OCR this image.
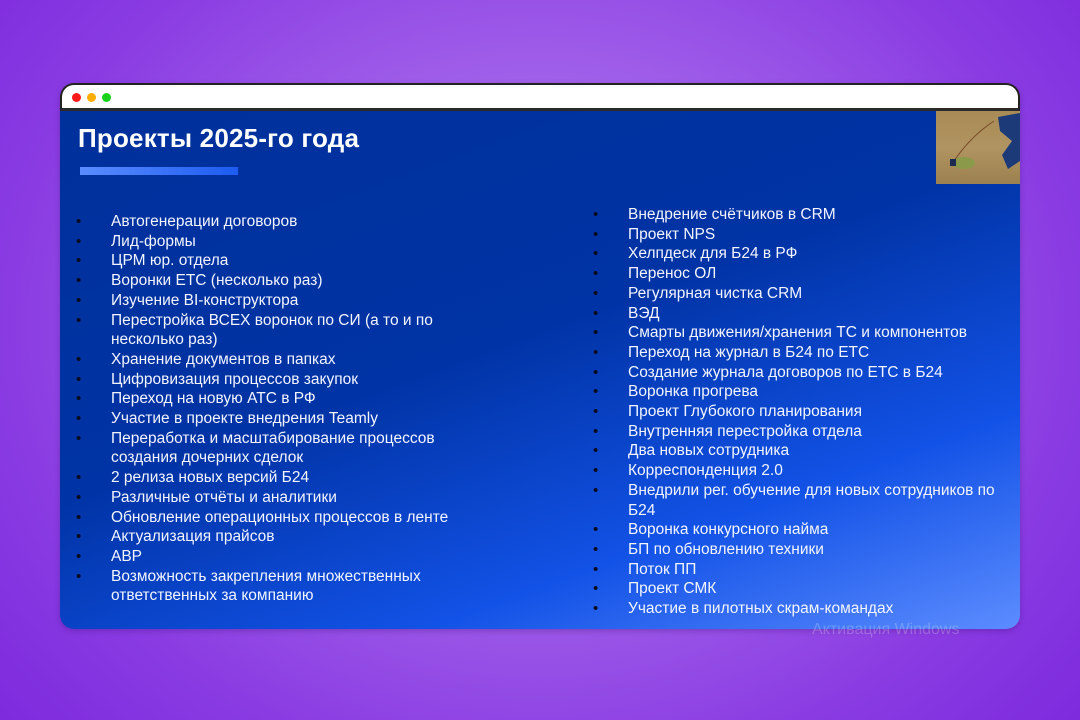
Проекты 2025-го года
• Автогенерации договоров
• Лид-формы
• ЦРМ юр. отдела
• Воронки ЕТС (несколько раз)
• Изучение BI-конструктора
• Перестройка ВСЕХ воронок по СИ (а то и по несколько раз)
• Хранение документов в папках
• Цифровизация процессов закупок
• Переход на новую АТС в РФ
• Участие в проекте внедрения Teamly
• Переработка и масштабирование процессов создания дочерних сделок
• 2 релиза новых версий Б24
• Различные отчёты и аналитики
• Обновление операционных процессов в ленте
• Актуализация прайсов
• АВР
• Возможность закрепления множественных ответственных за компанию
• Внедрение счётчиков в CRM
• Проект NPS
• Хелпдеск для Б24 в РФ
• Перенос ОЛ
• Регулярная чистка CRM
• ВЭД
• Смарты движения/хранения ТС и компонентов
• Переход на журнал в Б24 по ЕТС
• Создание журнала договоров по ЕТС в Б24
• Воронка прогрева
• Проект Глубокого планирования
• Внутренняя перестройка отдела
• Два новых сотрудника
• Корреспонденция 2.0
• Внедрили рег. обучение для новых сотрудников по Б24
• Воронка конкурсного найма
• БП по обновлению техники
• Поток ПП
• Проект СМК
• Участие в пилотных скрам-командах
Активация Windows
